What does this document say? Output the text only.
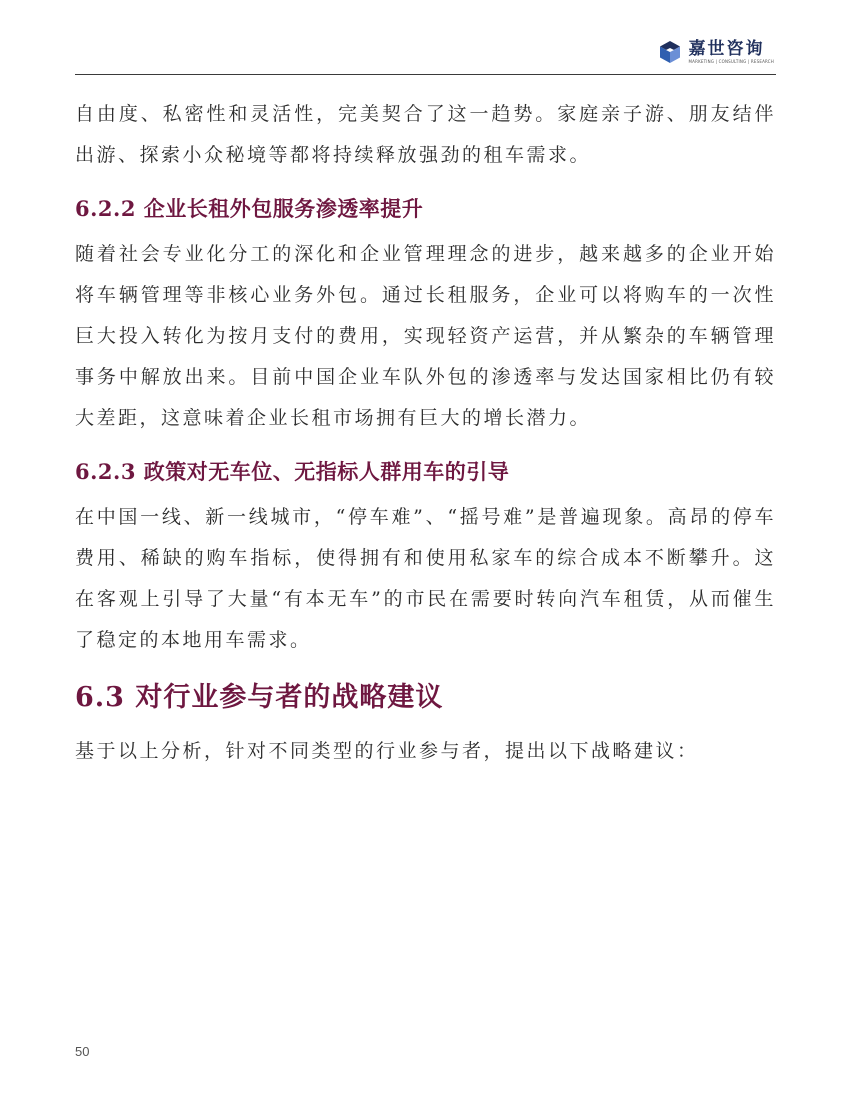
嘉世咨询
MARKETING | CONSULTING | RESEARCH

自由度、私密性和灵活性，完美契合了这一趋势。家庭亲子游、朋友结伴出游、探索小众秘境等都将持续释放强劲的租车需求。

6.2.2 企业长租外包服务渗透率提升

随着社会专业化分工的深化和企业管理理念的进步，越来越多的企业开始将车辆管理等非核心业务外包。通过长租服务，企业可以将购车的一次性巨大投入转化为按月支付的费用，实现轻资产运营，并从繁杂的车辆管理事务中解放出来。目前中国企业车队外包的渗透率与发达国家相比仍有较大差距，这意味着企业长租市场拥有巨大的增长潜力。

6.2.3 政策对无车位、无指标人群用车的引导

在中国一线、新一线城市，“停车难”、“摇号难”是普遍现象。高昂的停车费用、稀缺的购车指标，使得拥有和使用私家车的综合成本不断攀升。这在客观上引导了大量“有本无车”的市民在需要时转向汽车租赁，从而催生了稳定的本地用车需求。

6.3 对行业参与者的战略建议

基于以上分析，针对不同类型的行业参与者，提出以下战略建议：

50
